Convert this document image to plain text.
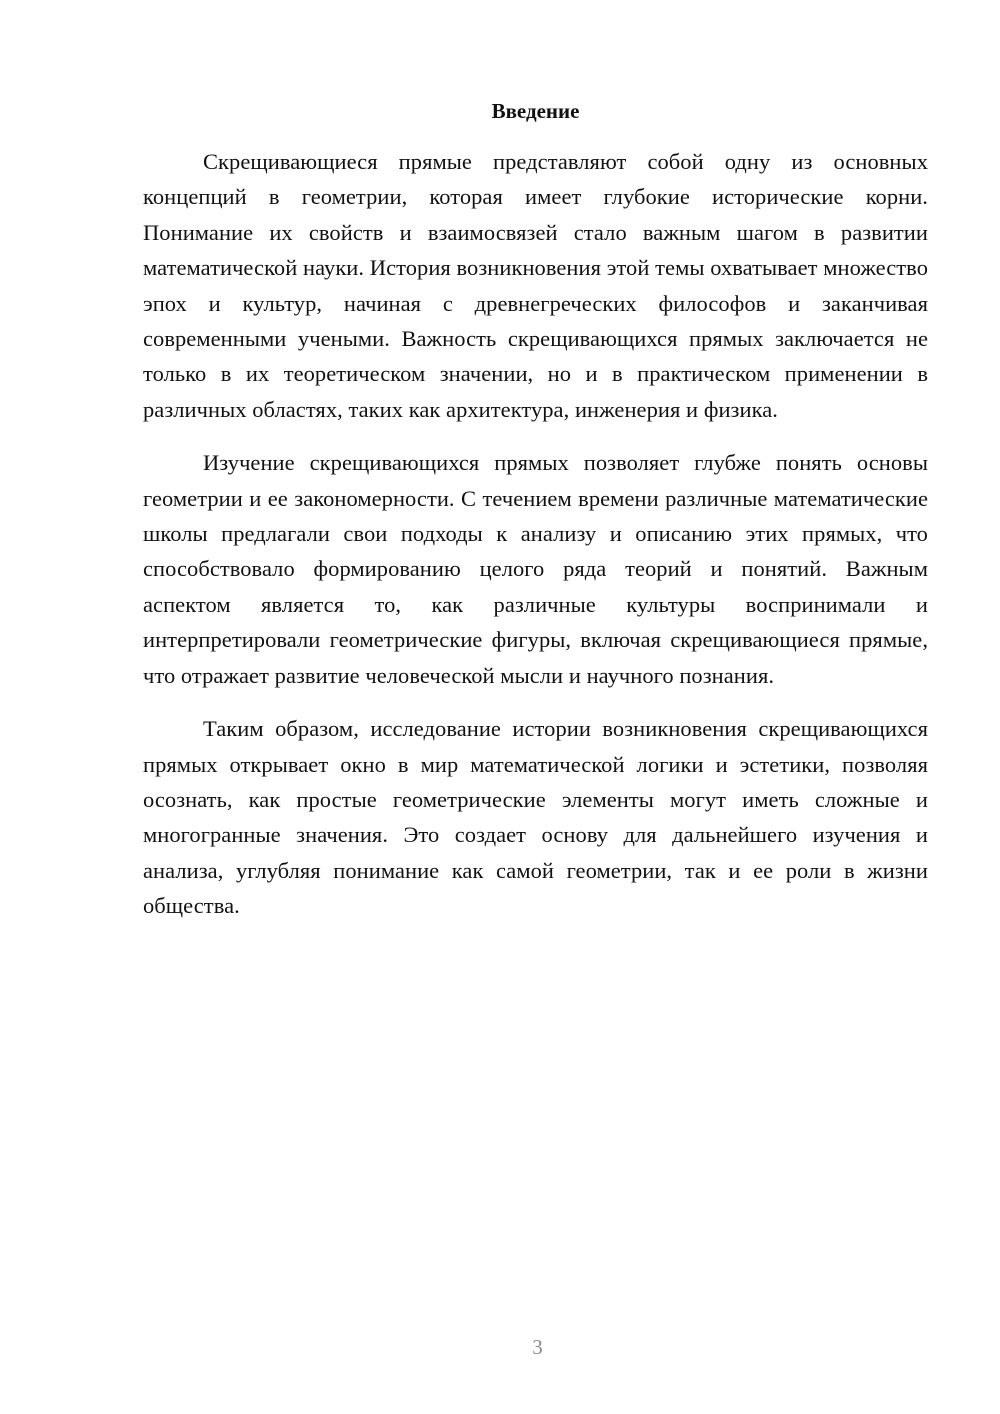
Введение

Скрещивающиеся прямые представляют собой одну из основных концепций в геометрии, которая имеет глубокие исторические корни. Понимание их свойств и взаимосвязей стало важным шагом в развитии математической науки. История возникновения этой темы охватывает множество эпох и культур, начиная с древнегреческих философов и заканчивая современными учеными. Важность скрещивающихся прямых заключается не только в их теоретическом значении, но и в практическом применении в различных областях, таких как архитектура, инженерия и физика.

Изучение скрещивающихся прямых позволяет глубже понять основы геометрии и ее закономерности. С течением времени различные математические школы предлагали свои подходы к анализу и описанию этих прямых, что способствовало формированию целого ряда теорий и понятий. Важным аспектом является то, как различные культуры воспринимали и интерпретировали геометрические фигуры, включая скрещивающиеся прямые, что отражает развитие человеческой мысли и научного познания.

Таким образом, исследование истории возникновения скрещивающихся прямых открывает окно в мир математической логики и эстетики, позволяя осознать, как простые геометрические элементы могут иметь сложные и многогранные значения. Это создает основу для дальнейшего изучения и анализа, углубляя понимание как самой геометрии, так и ее роли в жизни общества.

3
